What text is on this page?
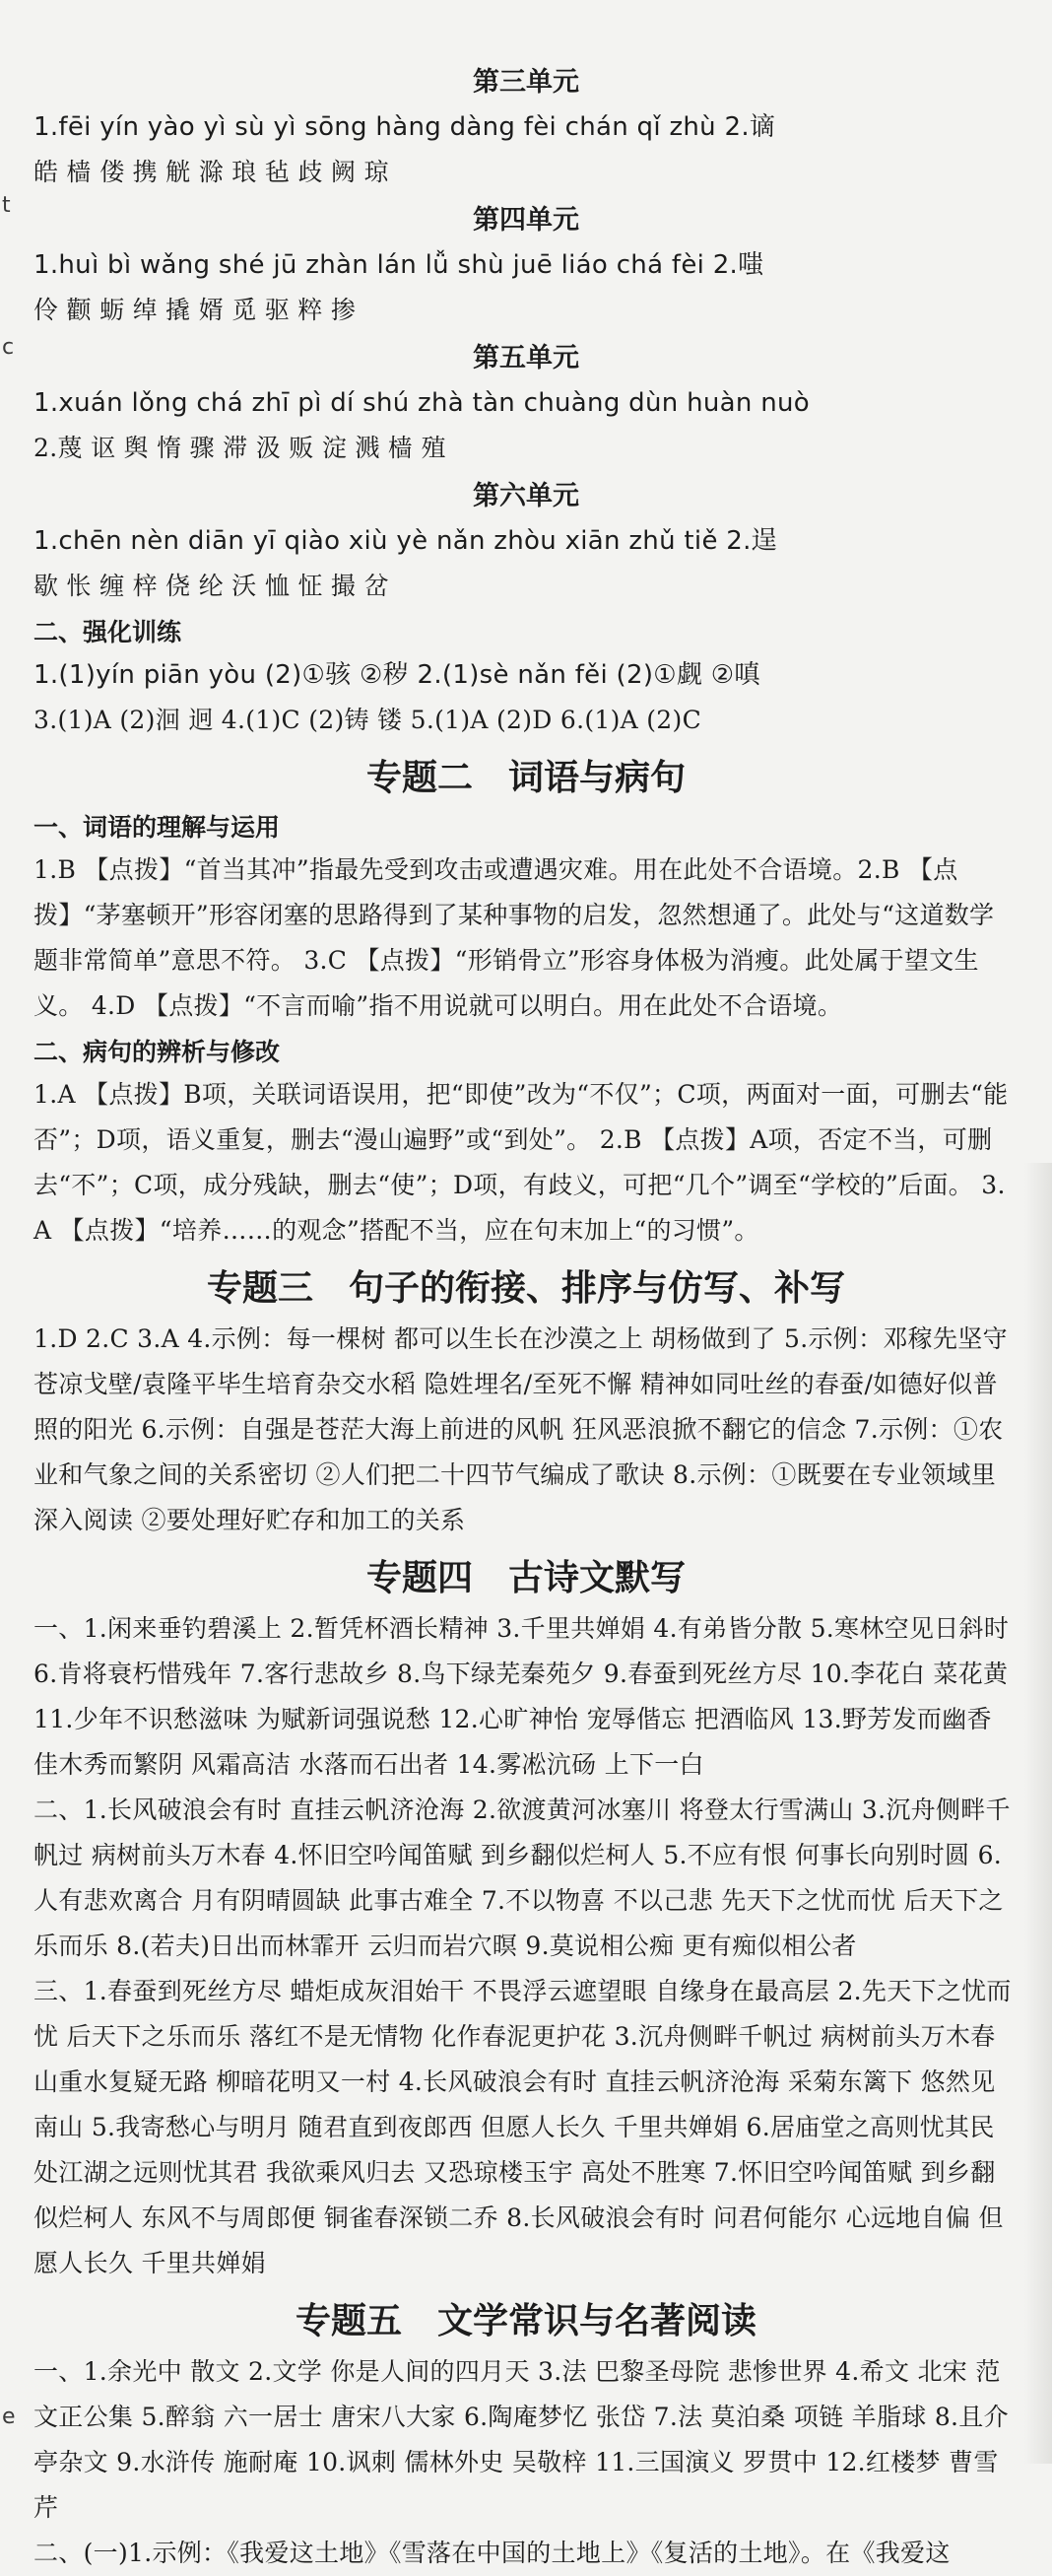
第三单元

1.fēi yín yào yì sù yì sōng hàng dàng fèi chán qǐ zhù 2.谪

皓 樯 偻 携 觥 滁 琅 毡 歧 阙 琼

第四单元

1.huì bì wǎng shé jū zhàn lán lǚ shù juē liáo chá fèi 2.嗤

伶 颧 蛎 绰 撬 婿 觅 驱 粹 掺

第五单元

1.xuán lǒng chá zhī pì dí shú zhà tàn chuàng dùn huàn nuò

2.蔑 讴 舆 惰 骤 滞 汲 贩 淀 溅 樯 殖

第六单元

1.chēn nèn diān yī qiào xiù yè nǎn zhòu xiān zhǔ tiě 2.逞

歇 怅 缠 梓 侥 纶 沃 恤 怔 撮 岔

二、强化训练

1.(1)yín piān yòu (2)①骇 ②秽 2.(1)sè nǎn fěi (2)①觑 ②嗔

3.(1)A (2)洄 迥 4.(1)C (2)铸 镂 5.(1)A (2)D 6.(1)A (2)C

专题二　词语与病句
一、词语的理解与运用

1.B 【点拨】“首当其冲”指最先受到攻击或遭遇灾难。用在此处不合语境。2.B 【点拨】“茅塞顿开”形容闭塞的思路得到了某种事物的启发，忽然想通了。此处与“这道数学题非常简单”意思不符。 3.C 【点拨】“形销骨立”形容身体极为消瘦。此处属于望文生义。 4.D 【点拨】“不言而喻”指不用说就可以明白。用在此处不合语境。

二、病句的辨析与修改

1.A 【点拨】B项，关联词语误用，把“即使”改为“不仅”；C项，两面对一面，可删去“能否”；D项，语义重复，删去“漫山遍野”或“到处”。 2.B 【点拨】A项，否定不当，可删去“不”；C项，成分残缺，删去“使”；D项，有歧义，可把“几个”调至“学校的”后面。 3.A 【点拨】“培养……的观念”搭配不当，应在句末加上“的习惯”。

专题三　句子的衔接、排序与仿写、补写

1.D 2.C 3.A 4.示例：每一棵树 都可以生长在沙漠之上 胡杨做到了 5.示例：邓稼先坚守苍凉戈壁/袁隆平毕生培育杂交水稻 隐姓埋名/至死不懈 精神如同吐丝的春蚕/如德好似普照的阳光 6.示例：自强是苍茫大海上前进的风帆 狂风恶浪掀不翻它的信念 7.示例：①农业和气象之间的关系密切 ②人们把二十四节气编成了歌诀 8.示例：①既要在专业领域里深入阅读 ②要处理好贮存和加工的关系

专题四　古诗文默写

一、1.闲来垂钓碧溪上 2.暂凭杯酒长精神 3.千里共婵娟 4.有弟皆分散 5.寒林空见日斜时 6.肯将衰朽惜残年 7.客行悲故乡 8.鸟下绿芜秦苑夕 9.春蚕到死丝方尽 10.李花白 菜花黄 11.少年不识愁滋味 为赋新词强说愁 12.心旷神怡 宠辱偕忘 把酒临风 13.野芳发而幽香 佳木秀而繁阴 风霜高洁 水落而石出者 14.雾凇沆砀 上下一白

二、1.长风破浪会有时 直挂云帆济沧海 2.欲渡黄河冰塞川 将登太行雪满山 3.沉舟侧畔千帆过 病树前头万木春 4.怀旧空吟闻笛赋 到乡翻似烂柯人 5.不应有恨 何事长向别时圆 6.人有悲欢离合 月有阴晴圆缺 此事古难全 7.不以物喜 不以己悲 先天下之忧而忧 后天下之乐而乐 8.(若夫)日出而林霏开 云归而岩穴暝 9.莫说相公痴 更有痴似相公者

三、1.春蚕到死丝方尽 蜡炬成灰泪始干 不畏浮云遮望眼 自缘身在最高层 2.先天下之忧而忧 后天下之乐而乐 落红不是无情物 化作春泥更护花 3.沉舟侧畔千帆过 病树前头万木春 山重水复疑无路 柳暗花明又一村 4.长风破浪会有时 直挂云帆济沧海 采菊东篱下 悠然见南山 5.我寄愁心与明月 随君直到夜郎西 但愿人长久 千里共婵娟 6.居庙堂之高则忧其民 处江湖之远则忧其君 我欲乘风归去 又恐琼楼玉宇 高处不胜寒 7.怀旧空吟闻笛赋 到乡翻似烂柯人 东风不与周郎便 铜雀春深锁二乔 8.长风破浪会有时 问君何能尔 心远地自偏 但愿人长久 千里共婵娟

专题五　文学常识与名著阅读

一、1.余光中 散文 2.文学 你是人间的四月天 3.法 巴黎圣母院 悲惨世界 4.希文 北宋 范文正公集 5.醉翁 六一居士 唐宋八大家 6.陶庵梦忆 张岱 7.法 莫泊桑 项链 羊脂球 8.且介亭杂文 9.水浒传 施耐庵 10.讽刺 儒林外史 吴敬梓 11.三国演义 罗贯中 12.红楼梦 曹雪芹

二、(一)1.示例：《我爱这土地》《雪落在中国的土地上》《复活的土地》。在《我爱这

t
c
e
